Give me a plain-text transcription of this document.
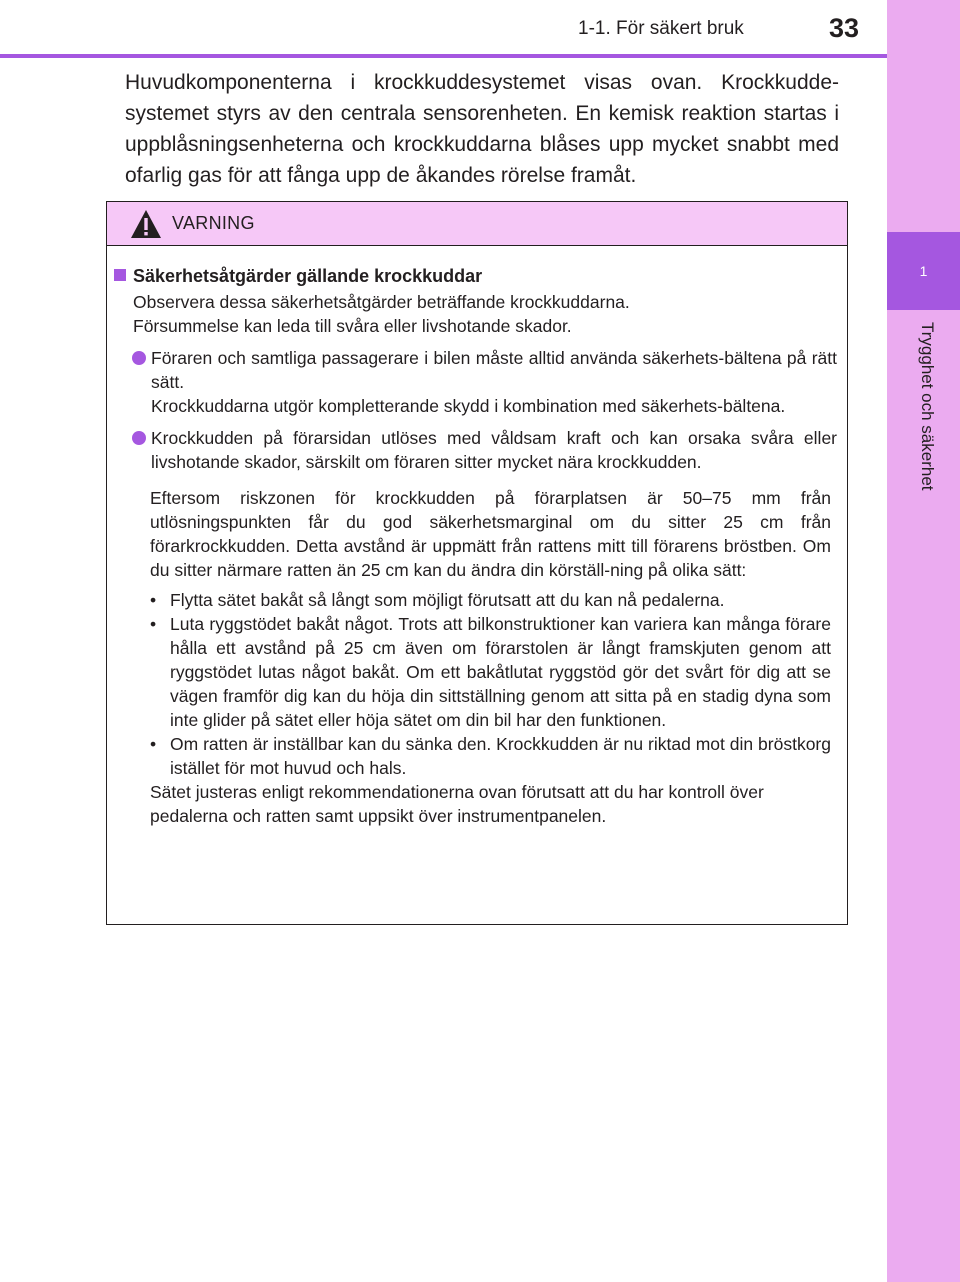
1
Trygghet och säkerhet
1-1. För säkert bruk	33

Huvudkomponenterna i krockkuddesystemet visas ovan. Krockkudde-systemet styrs av den centrala sensorenheten. En kemisk reaktion startas i uppblåsningsenheterna och krockkuddarna blåses upp mycket snabbt med ofarlig gas för att fånga upp de åkandes rörelse framåt.

VARNING
Säkerhetsåtgärder gällande krockkuddar
Observera dessa säkerhetsåtgärder beträffande krockkuddarna.
Försummelse kan leda till svåra eller livshotande skador.
Föraren och samtliga passagerare i bilen måste alltid använda säkerhets-bältena på rätt sätt.
Krockkuddarna utgör kompletterande skydd i kombination med säkerhets-bältena.
Krockkudden på förarsidan utlöses med våldsam kraft och kan orsaka svåra eller livshotande skador, särskilt om föraren sitter mycket nära krockkudden.

Eftersom riskzonen för krockkudden på förarplatsen är 50–75 mm från utlösningspunkten får du god säkerhetsmarginal om du sitter 25 cm från förarkrockkudden. Detta avstånd är uppmätt från rattens mitt till förarens bröstben. Om du sitter närmare ratten än 25 cm kan du ändra din körställ-ning på olika sätt:

• Flytta sätet bakåt så långt som möjligt förutsatt att du kan nå pedalerna.
• Luta ryggstödet bakåt något. Trots att bilkonstruktioner kan variera kan många förare hålla ett avstånd på 25 cm även om förarstolen är långt framskjuten genom att ryggstödet lutas något bakåt. Om ett bakåtlutat ryggstöd gör det svårt för dig att se vägen framför dig kan du höja din sittställning genom att sitta på en stadig dyna som inte glider på sätet eller höja sätet om din bil har den funktionen.
• Om ratten är inställbar kan du sänka den. Krockkudden är nu riktad mot din bröstkorg istället för mot huvud och hals.

Sätet justeras enligt rekommendationerna ovan förutsatt att du har kontroll över pedalerna och ratten samt uppsikt över instrumentpanelen.
